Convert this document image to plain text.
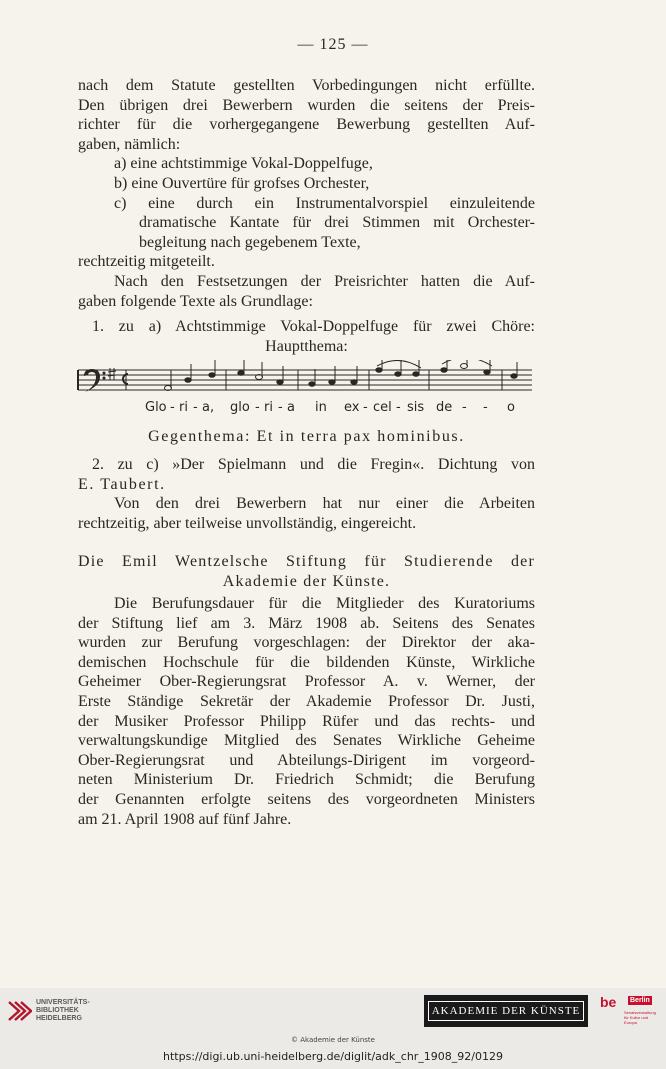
— 125 —
nach dem Statute gestellten Vorbedingungen nicht erfüllte.
Den übrigen drei Bewerbern wurden die seitens der Preis-
richter für die vorhergegangene Bewerbung gestellten Auf-
gaben, nämlich:
a) eine achtstimmige Vokal-Doppelfuge,
b) eine Ouvertüre für grofses Orchester,
c) eine durch ein Instrumentalvorspiel einzuleitende
dramatische Kantate für drei Stimmen mit Orchester-
begleitung nach gegebenem Texte,
rechtzeitig mitgeteilt.
Nach den Festsetzungen der Preisrichter hatten die Auf-
gaben folgende Texte als Grundlage:
1. zu a) Achtstimmige Vokal-Doppelfuge für zwei Chöre:
Hauptthema:
Glo - ri - a, glo - ri - a in ex - cel - sis de - - o
Gegenthema: Et in terra pax hominibus.
2. zu c) »Der Spielmann und die Fregin«. Dichtung von
E. Taubert.
Von den drei Bewerbern hat nur einer die Arbeiten
rechtzeitig, aber teilweise unvollständig, eingereicht.
Die Emil Wentzelsche Stiftung für Studierende der
Akademie der Künste.
Die Berufungsdauer für die Mitglieder des Kuratoriums
der Stiftung lief am 3. März 1908 ab. Seitens des Senates
wurden zur Berufung vorgeschlagen: der Direktor der aka-
demischen Hochschule für die bildenden Künste, Wirkliche
Geheimer Ober-Regierungsrat Professor A. v. Werner, der
Erste Ständige Sekretär der Akademie Professor Dr. Justi,
der Musiker Professor Philipp Rüfer und das rechts- und
verwaltungskundige Mitglied des Senates Wirkliche Geheime
Ober-Regierungsrat und Abteilungs-Dirigent im vorgeord-
neten Ministerium Dr. Friedrich Schmidt; die Berufung
der Genannten erfolgte seitens des vorgeordneten Ministers
am 21. April 1908 auf fünf Jahre.
UNIVERSITÄTS-
BIBLIOTHEK
HEIDELBERG
AKADEMIE DER KÜNSTE
be Berlin
Senatsverwaltung für Kultur und Europa
© Akademie der Künste
https://digi.ub.uni-heidelberg.de/diglit/adk_chr_1908_92/0129
